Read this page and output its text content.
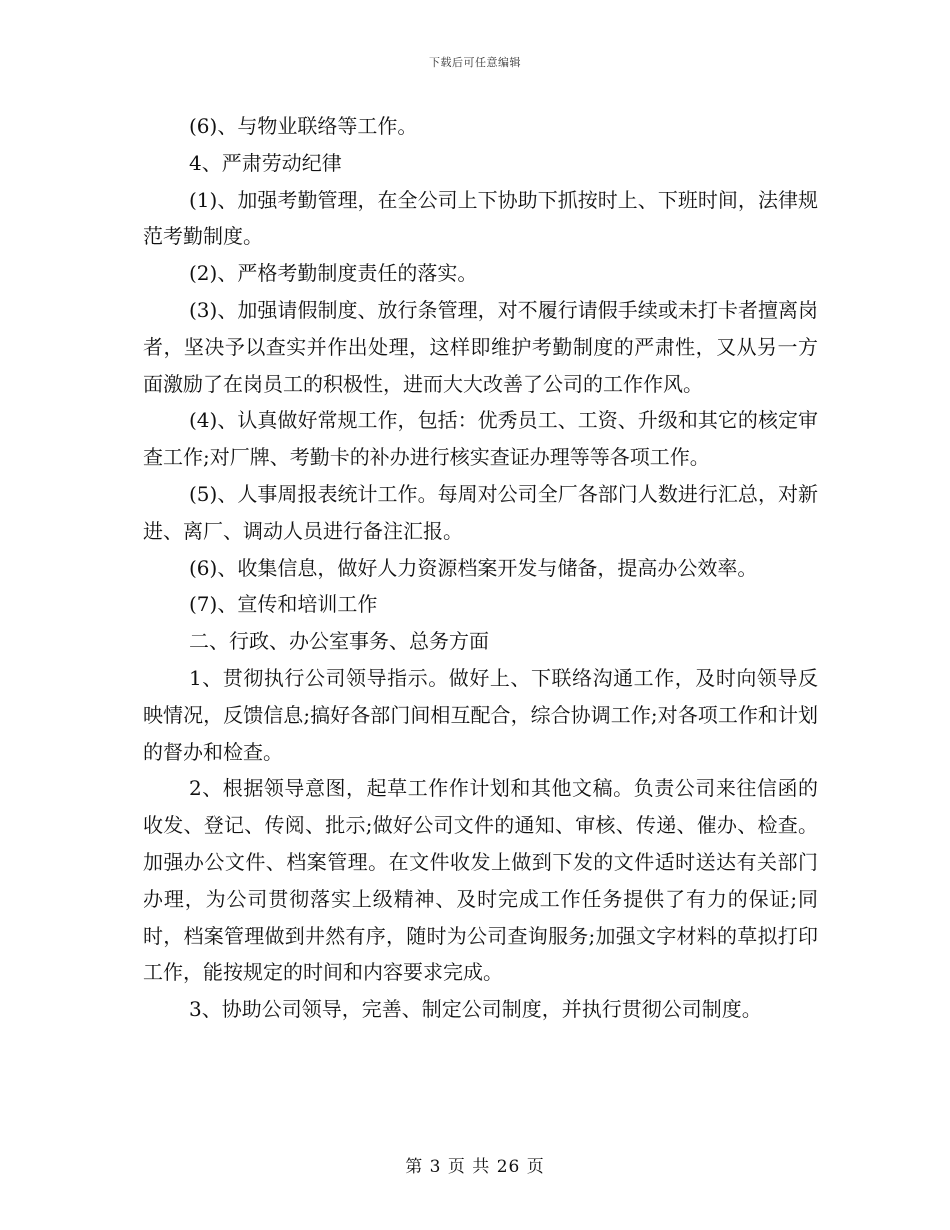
下载后可任意编辑

(6)、与物业联络等工作。

4、严肃劳动纪律

(1)、加强考勤管理，在全公司上下协助下抓按时上、下班时间，法律规范考勤制度。

(2)、严格考勤制度责任的落实。

(3)、加强请假制度、放行条管理，对不履行请假手续或未打卡者擅离岗者，坚决予以查实并作出处理，这样即维护考勤制度的严肃性，又从另一方面激励了在岗员工的积极性，进而大大改善了公司的工作作风。

(4)、认真做好常规工作，包括：优秀员工、工资、升级和其它的核定审查工作;对厂牌、考勤卡的补办进行核实查证办理等等各项工作。

(5)、人事周报表统计工作。每周对公司全厂各部门人数进行汇总，对新进、离厂、调动人员进行备注汇报。

(6)、收集信息，做好人力资源档案开发与储备，提高办公效率。

(7)、宣传和培训工作

二、行政、办公室事务、总务方面

1、贯彻执行公司领导指示。做好上、下联络沟通工作，及时向领导反映情况，反馈信息;搞好各部门间相互配合，综合协调工作;对各项工作和计划的督办和检查。

2、根据领导意图，起草工作作计划和其他文稿。负责公司来往信函的收发、登记、传阅、批示;做好公司文件的通知、审核、传递、催办、检查。加强办公文件、档案管理。在文件收发上做到下发的文件适时送达有关部门办理，为公司贯彻落实上级精神、及时完成工作任务提供了有力的保证;同时，档案管理做到井然有序，随时为公司查询服务;加强文字材料的草拟打印工作，能按规定的时间和内容要求完成。

3、协助公司领导，完善、制定公司制度，并执行贯彻公司制度。

第 3 页 共 26 页
